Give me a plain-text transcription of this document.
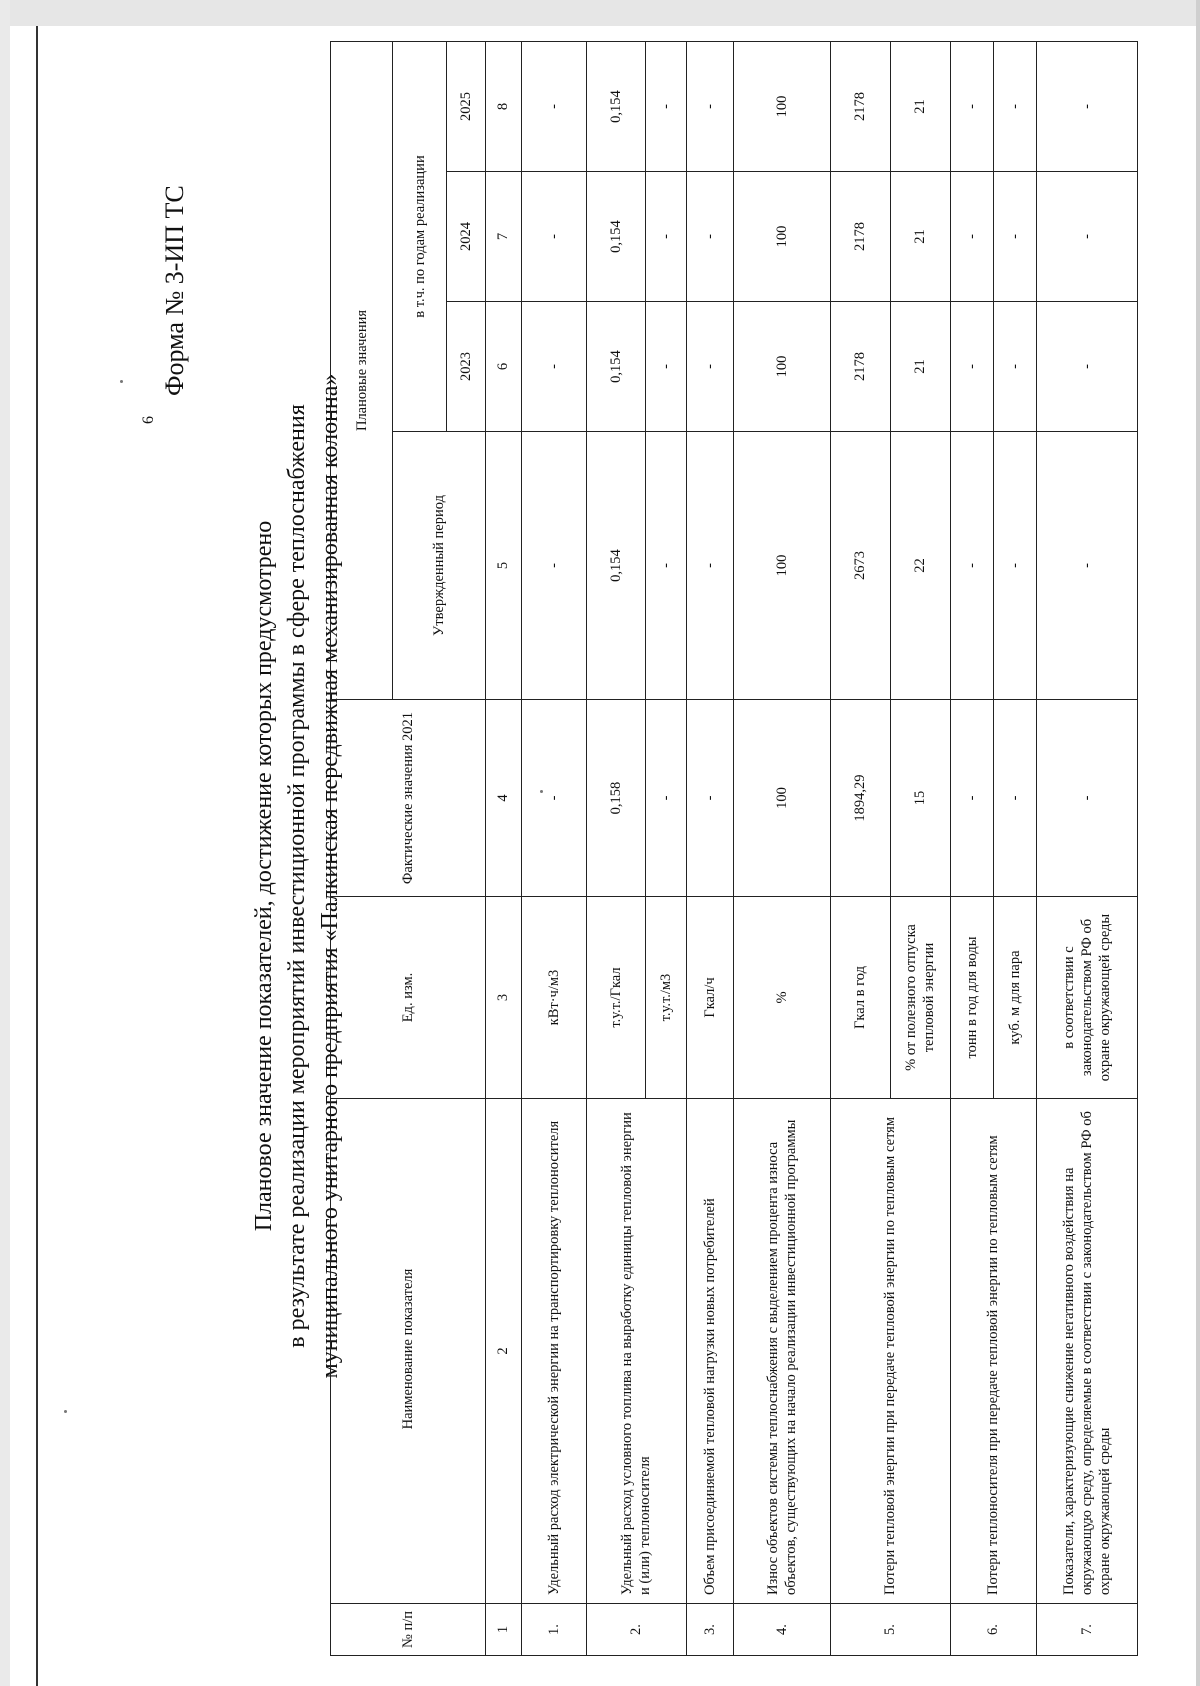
6
Форма № 3-ИП ТС
Плановое значение показателей, достижение которых предусмотрено в результате реализации мероприятий инвестиционной программы в сфере теплоснабжения муниципального унитарного предприятия «Палкинская передвижная механизированная колонна»
№ п/п	Наименование показателя	Ед. изм.	Фактические значения 2021	Плановые значения			
				Утвержденный период	в т.ч. по годам реализации		
					2023	2024	2025
1	2	3	4	5	6	7	8
1.	Удельный расход электрической энергии на транспортировку теплоносителя	кВт·ч/м3	-	-	-	-	-
2.	Удельный расход условного топлива на выработку единицы тепловой энергии и (или) теплоносителя	т.у.т./Гкал	0,158	0,154	0,154	0,154	0,154
		т.у.т./м3	-	-	-	-	-
3.	Объем присоединяемой тепловой нагрузки новых потребителей	Гкал/ч	-	-	-	-	-
4.	Износ объектов системы теплоснабжения с выделением процента износа объектов, существующих на начало реализации инвестиционной программы	%	100	100	100	100	100
5.	Потери тепловой энергии при передаче тепловой энергии по тепловым сетям	Гкал в год	1894,29	2673	2178	2178	2178
		% от полезного отпуска тепловой энергии	15	22	21	21	21
6.	Потери теплоносителя при передаче тепловой энергии по тепловым сетям	тонн в год для воды	-	-	-	-	-
		куб. м для пара	-	-	-	-	-
7.	Показатели, характеризующие снижение негативного воздействия на окружающую среду, определяемые в соответствии с законодательством РФ об охране окружающей среды	в соответствии с законодательством РФ об охране окружающей среды	-	-	-	-	-
